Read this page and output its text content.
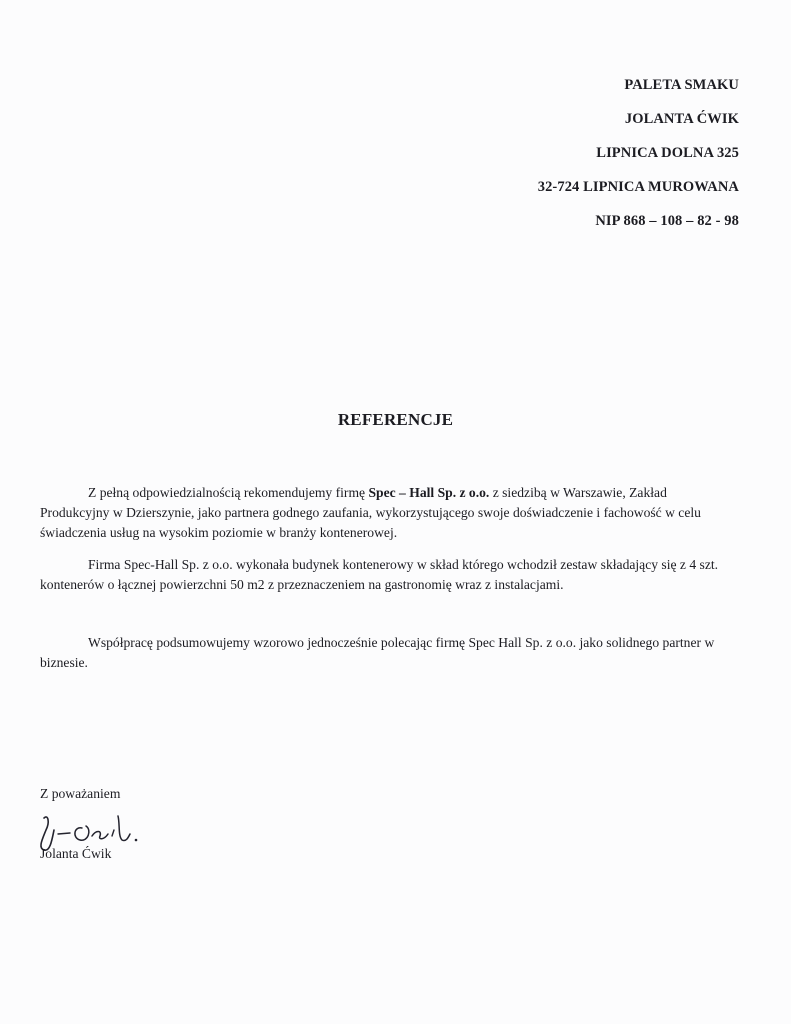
PALETA SMAKU
JOLANTA ĆWIK
LIPNICA DOLNA 325
32-724 LIPNICA MUROWANA
NIP 868 – 108 – 82 - 98
REFERENCJE
Z pełną odpowiedzialnością rekomendujemy firmę Spec – Hall Sp. z o.o. z siedzibą w Warszawie, Zakład Produkcyjny w Dzierszynie, jako partnera godnego zaufania, wykorzystującego swoje doświadczenie i fachowość w celu świadczenia usług na wysokim poziomie w branży kontenerowej.
Firma Spec-Hall Sp. z o.o. wykonała budynek kontenerowy w skład którego wchodził zestaw składający się z 4 szt. kontenerów o łącznej powierzchni 50 m2 z przeznaczeniem na gastronomię wraz z instalacjami.
Współpracę podsumowujemy wzorowo jednocześnie polecając firmę Spec Hall Sp. z o.o. jako solidnego partner w biznesie.
Z poważaniem
Jolanta Ćwik
